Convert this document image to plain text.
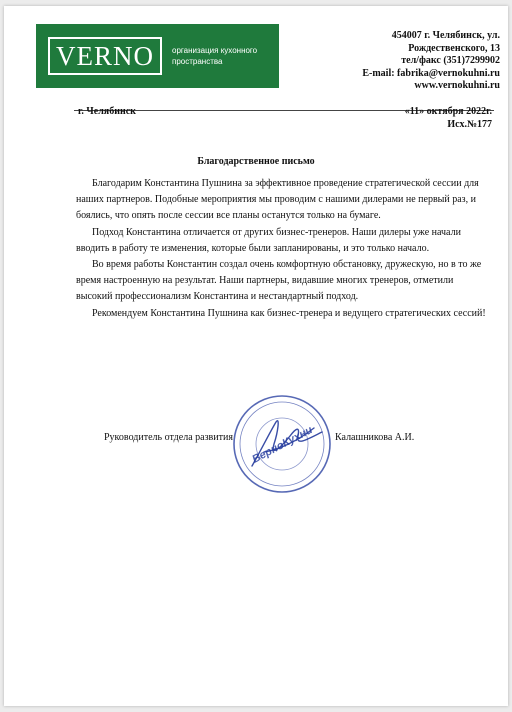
VERNO организация кухонного пространства
454007 г. Челябинск, ул.
Рождественского, 13
тел/факс (351)7299902
E-mail: fabrika@vernokuhni.ru
www.vernokuhni.ru
г. Челябинск	«11» октября 2022г.
Исх.№177
Благодарственное письмо

Благодарим Константина Пушнина за эффективное проведение стратегической сессии для наших партнеров. Подобные мероприятия мы проводим с нашими дилерами не первый раз, и боялись, что опять после сессии все планы останутся только на бумаге.

Подход Константина отличается от других бизнес-тренеров. Наши дилеры уже начали вводить в работу те изменения, которые были запланированы, и это только начало.

Во время работы Константин создал очень комфортную обстановку, дружескую, но в то же время настроенную на результат. Наши партнеры, видавшие многих тренеров, отметили высокий профессионализм Константина и нестандартный подход.

Рекомендуем Константина Пушнина как бизнес-тренера и ведущего стратегических сессий!

Руководитель отдела развития ВерноКухни Калашникова А.И.
